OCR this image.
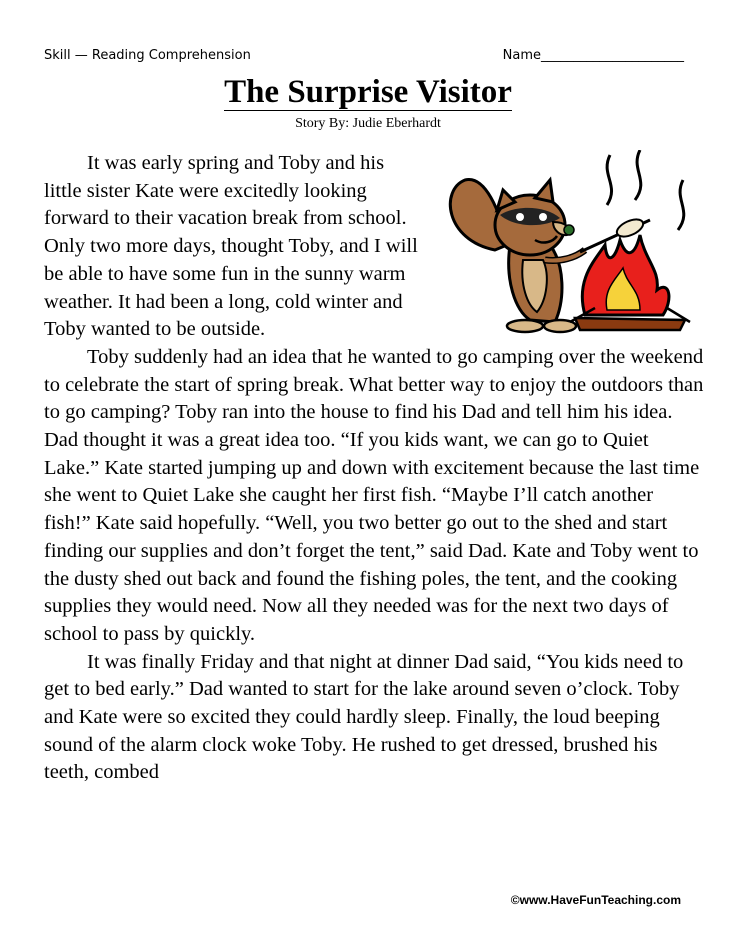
Skill — Reading Comprehension	Name______________________
The Surprise Visitor
Story By: Judie Eberhardt

It was early spring and Toby and his little sister Kate were excitedly looking forward to their vacation break from school. Only two more days, thought Toby, and I will be able to have some fun in the sunny warm weather. It had been a long, cold winter and Toby wanted to be outside.

Toby suddenly had an idea that he wanted to go camping over the weekend to celebrate the start of spring break. What better way to enjoy the outdoors than to go camping? Toby ran into the house to find his Dad and tell him his idea. Dad thought it was a great idea too. “If you kids want, we can go to Quiet Lake.” Kate started jumping up and down with excitement because the last time she went to Quiet Lake she caught her first fish. “Maybe I’ll catch another fish!” Kate said hopefully. “Well, you two better go out to the shed and start finding our supplies and don’t forget the tent,” said Dad. Kate and Toby went to the dusty shed out back and found the fishing poles, the tent, and the cooking supplies they would need. Now all they needed was for the next two days of school to pass by quickly.

It was finally Friday and that night at dinner Dad said, “You kids need to get to bed early.” Dad wanted to start for the lake around seven o’clock. Toby and Kate were so excited they could hardly sleep. Finally, the loud beeping sound of the alarm clock woke Toby. He rushed to get dressed, brushed his teeth, combed

©www.HaveFunTeaching.com
